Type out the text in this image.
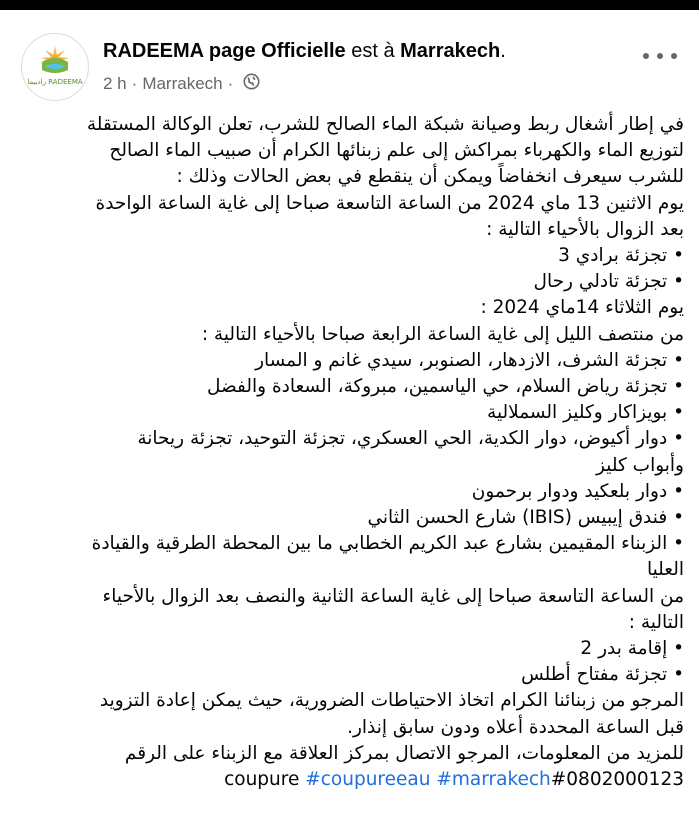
رادييما RADEEMA
RADEEMA page Officielle est à Marrakech.
2 h · Marrakech ·

في إطار أشغال ربط وصيانة شبكة الماء الصالح للشرب، تعلن الوكالة المستقلة

لتوزيع الماء والكهرباء بمراكش إلى علم زبنائها الكرام أن صبيب الماء الصالح

للشرب سيعرف انخفاضاً ويمكن أن ينقطع في بعض الحالات وذلك :

يوم الاثنين 13 ماي 2024 من الساعة التاسعة صباحا إلى غاية الساعة الواحدة

بعد الزوال بالأحياء التالية :

• تجزئة برادي 3

• تجزئة تادلي رحال

يوم الثلاثاء 14ماي 2024 :

من منتصف الليل إلى غاية الساعة الرابعة صباحا بالأحياء التالية :

• تجزئة الشرف، الازدهار، الصنوبر، سيدي غانم و المسار

• تجزئة رياض السلام، حي الياسمين، مبروكة، السعادة والفضل

• بويزاكار وكليز السملالية

• دوار أكيوض، دوار الكدية، الحي العسكري، تجزئة التوحيد، تجزئة ريحانة

وأبواب كليز

• دوار بلعكيد ودوار برحمون

• فندق إيبيس (IBIS) شارع الحسن الثاني

• الزبناء المقيمين بشارع عبد الكريم الخطابي ما بين المحطة الطرقية والقيادة

العليا

من الساعة التاسعة صباحا إلى غاية الساعة الثانية والنصف بعد الزوال بالأحياء

التالية :

• إقامة بدر 2

• تجزئة مفتاح أطلس

المرجو من زبنائنا الكرام اتخاذ الاحتياطات الضرورية، حيث يمكن إعادة التزويد

قبل الساعة المحددة أعلاه ودون سابق إنذار.

للمزيد من المعلومات، المرجو الاتصال بمركز العلاقة مع الزبناء على الرقم

coupure #coupureeau #marrakech#0802000123
